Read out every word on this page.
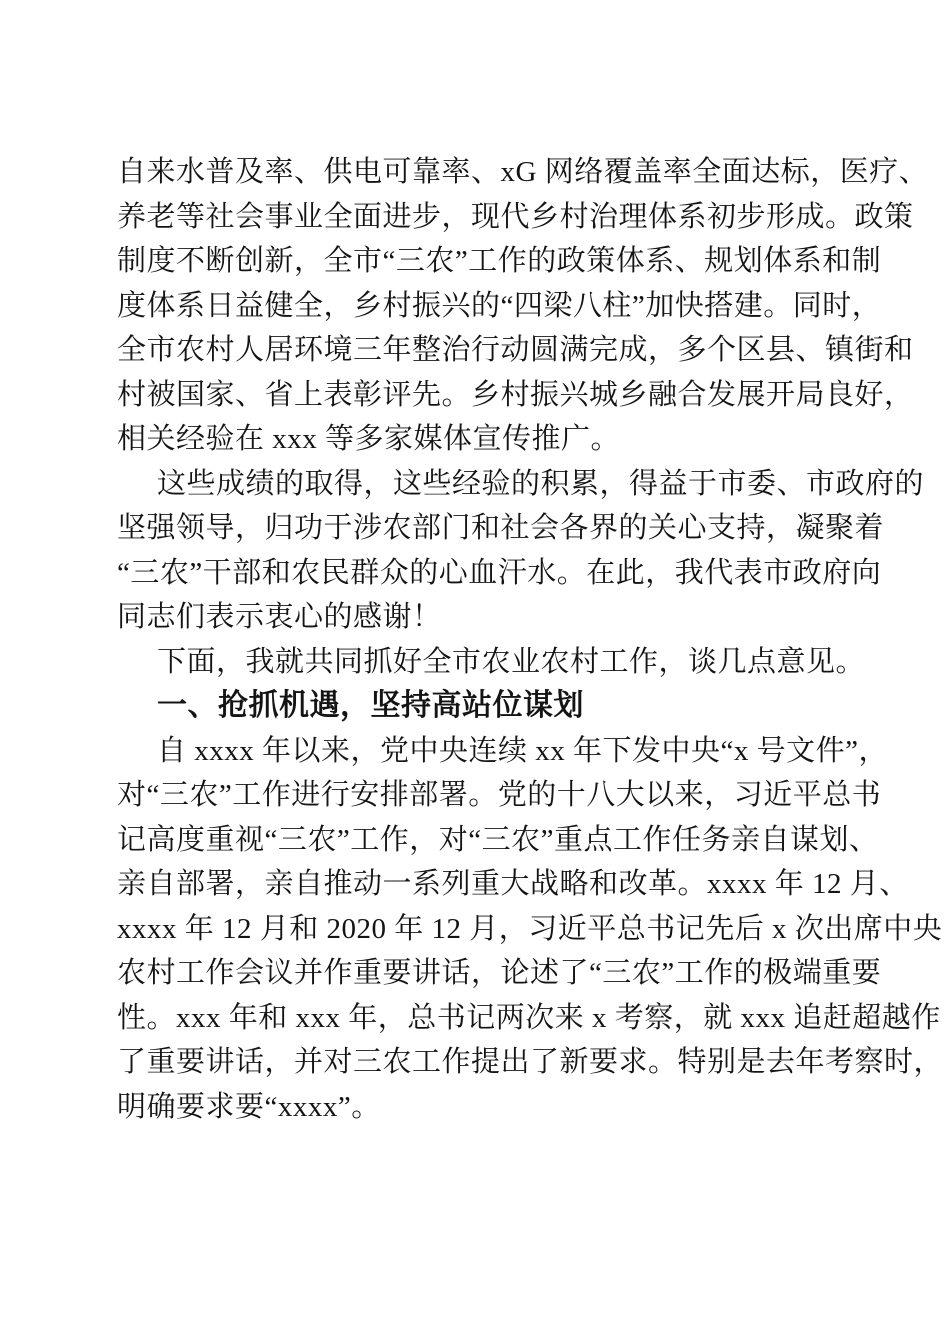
自来水普及率、供电可靠率、xG 网络覆盖率全面达标，医疗、
养老等社会事业全面进步，现代乡村治理体系初步形成。政策
制度不断创新，全市“三农”工作的政策体系、规划体系和制
度体系日益健全，乡村振兴的“四梁八柱”加快搭建。同时，
全市农村人居环境三年整治行动圆满完成，多个区县、镇街和
村被国家、省上表彰评先。乡村振兴城乡融合发展开局良好，
相关经验在 xxx 等多家媒体宣传推广。
这些成绩的取得，这些经验的积累，得益于市委、市政府的
坚强领导，归功于涉农部门和社会各界的关心支持，凝聚着
“三农”干部和农民群众的心血汗水。在此，我代表市政府向
同志们表示衷心的感谢！
下面，我就共同抓好全市农业农村工作，谈几点意见。
一、抢抓机遇，坚持高站位谋划
自 xxxx 年以来，党中央连续 xx 年下发中央“x 号文件”，
对“三农”工作进行安排部署。党的十八大以来，习近平总书
记高度重视“三农”工作，对“三农”重点工作任务亲自谋划、
亲自部署，亲自推动一系列重大战略和改革。xxxx 年 12 月、
xxxx 年 12 月和 2020 年 12 月，习近平总书记先后 x 次出席中央
农村工作会议并作重要讲话，论述了“三农”工作的极端重要
性。xxx 年和 xxx 年，总书记两次来 x 考察，就 xxx 追赶超越作
了重要讲话，并对三农工作提出了新要求。特别是去年考察时，
明确要求要“xxxx”。
